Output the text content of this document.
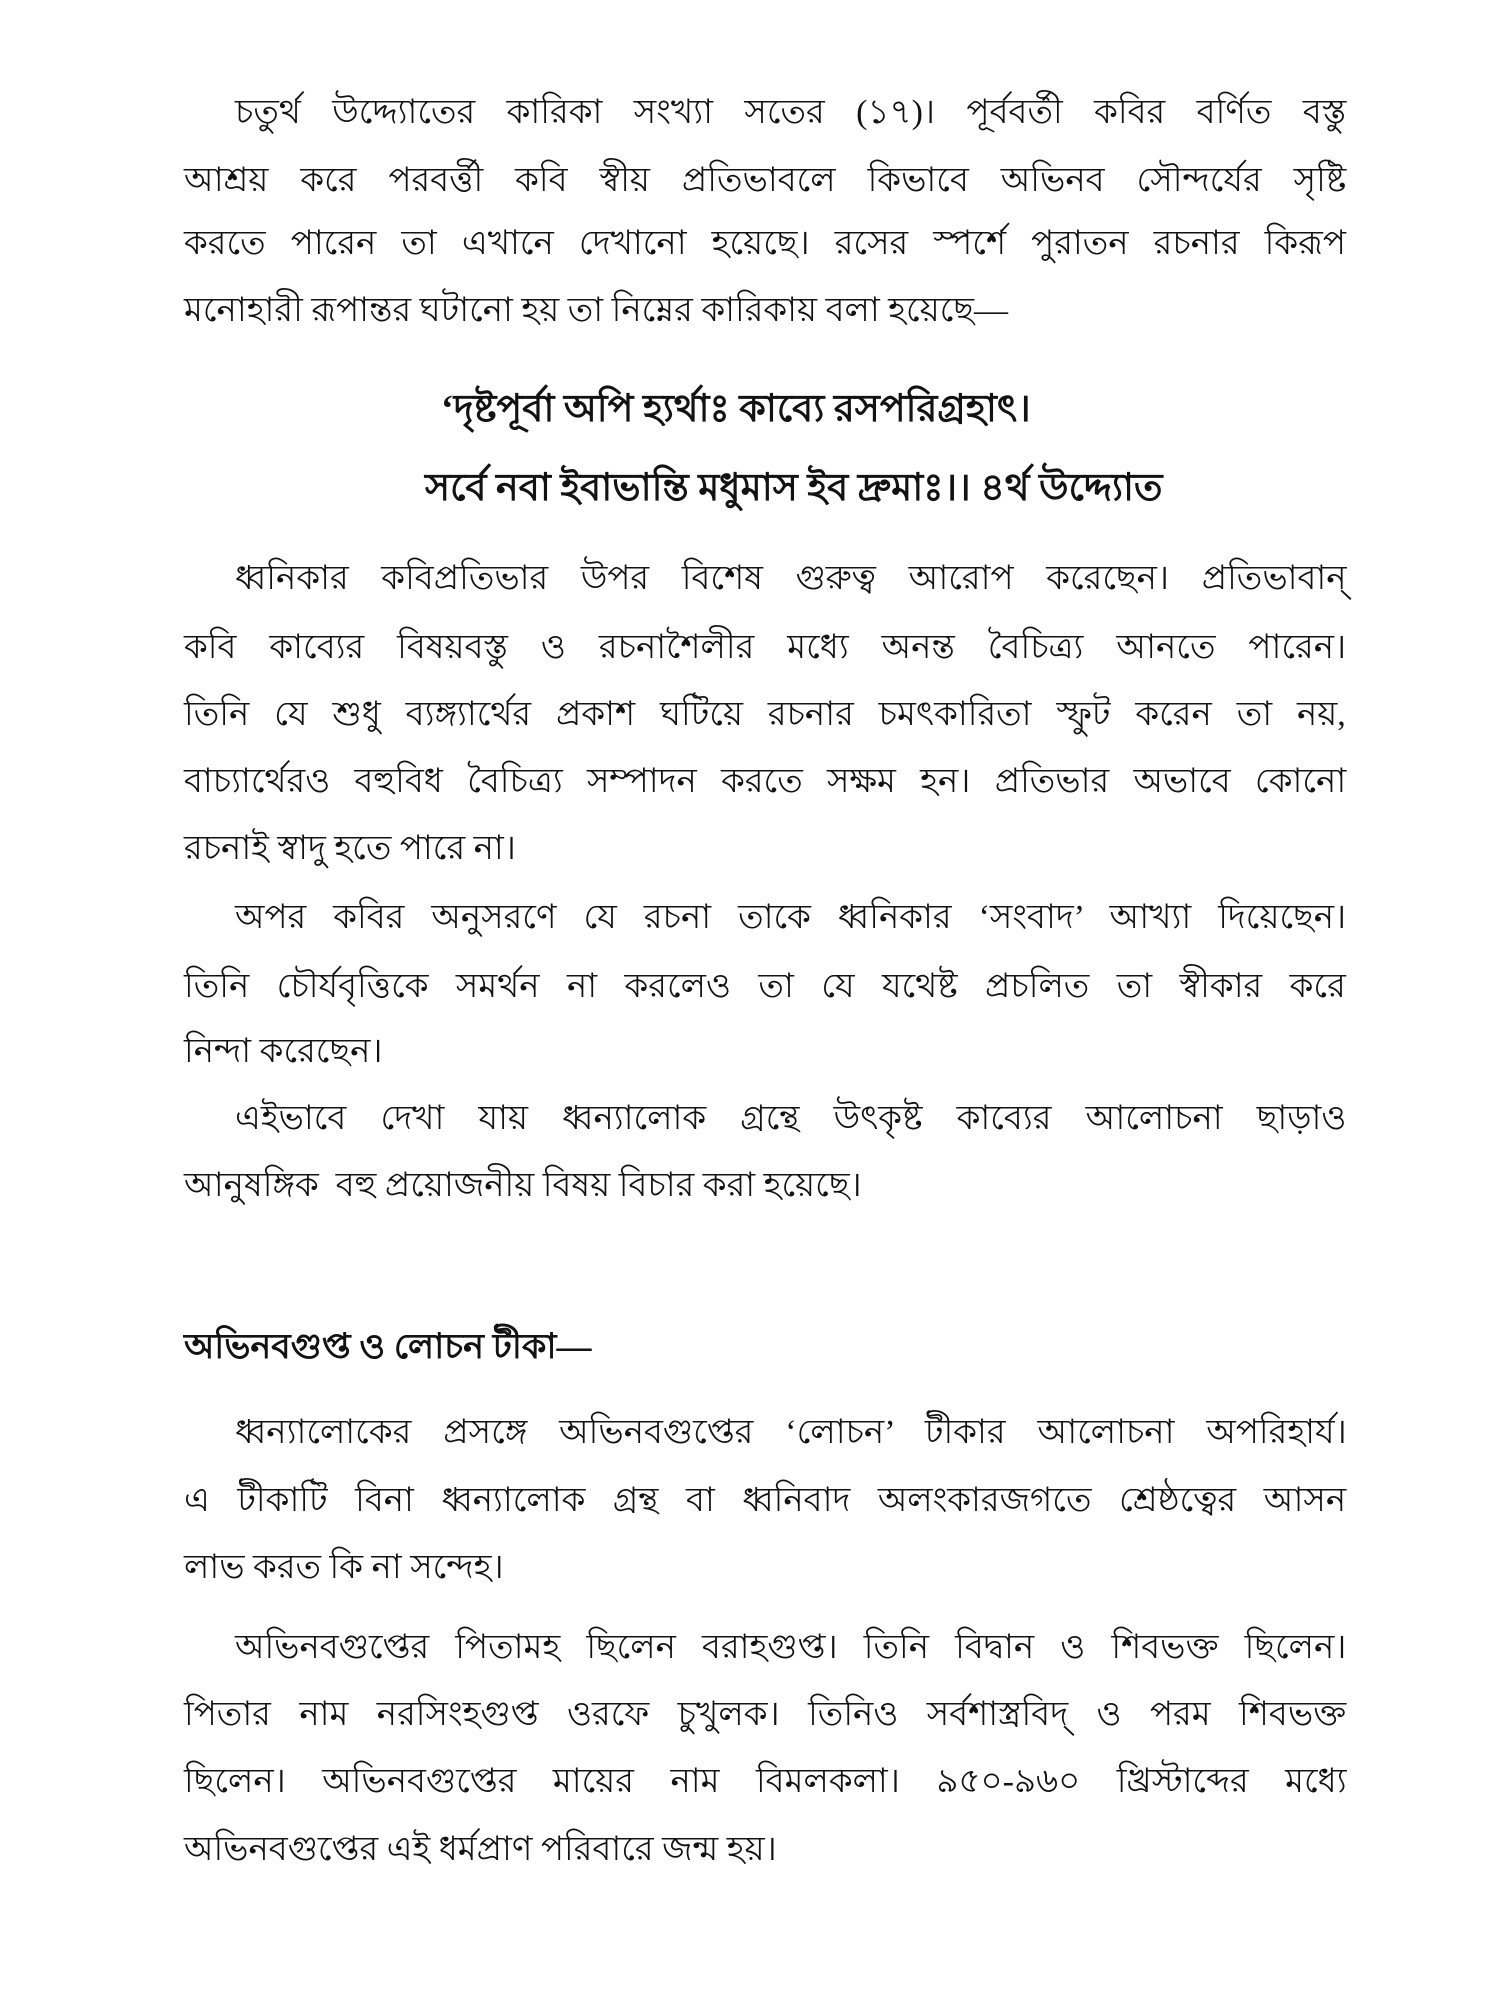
চতুর্থ উদ্দ্যোতের কারিকা সংখ্যা সতের (১৭)। পূর্ববর্তী কবির বর্ণিত বস্তু
আশ্রয় করে পরবর্ত্তী কবি স্বীয় প্রতিভাবলে কিভাবে অভিনব সৌন্দর্যের সৃষ্টি
করতে পারেন তা এখানে দেখানো হয়েছে। রসের স্পর্শে পুরাতন রচনার কিরূপ
মনোহারী রূপান্তর ঘটানো হয় তা নিম্নের কারিকায় বলা হয়েছে—
‘দৃষ্টপূর্বা অপি হ্যর্থাঃ কাব্যে রসপরিগ্রহাৎ।
সর্বে নবা ইবাভান্তি মধুমাস ইব দ্রুমাঃ।। ৪র্থ উদ্দ্যোত
ধ্বনিকার কবিপ্রতিভার উপর বিশেষ গুরুত্ব আরোপ করেছেন। প্রতিভাবান্
কবি কাব্যের বিষয়বস্তু ও রচনাশৈলীর মধ্যে অনন্ত বৈচিত্র্য আনতে পারেন।
তিনি যে শুধু ব্যঙ্গ্যার্থের প্রকাশ ঘটিয়ে রচনার চমৎকারিতা স্ফুট করেন তা নয়,
বাচ্যার্থেরও বহুবিধ বৈচিত্র্য সম্পাদন করতে সক্ষম হন। প্রতিভার অভাবে কোনো
রচনাই স্বাদু হতে পারে না।
অপর কবির অনুসরণে যে রচনা তাকে ধ্বনিকার ‘সংবাদ’ আখ্যা দিয়েছেন।
তিনি চৌর্যবৃত্তিকে সমর্থন না করলেও তা যে যথেষ্ট প্রচলিত তা স্বীকার করে
নিন্দা করেছেন।
এইভাবে দেখা যায় ধ্বন্যালোক গ্রন্থে উৎকৃষ্ট কাব্যের আলোচনা ছাড়াও
আনুষঙ্গিক  বহু প্রয়োজনীয় বিষয় বিচার করা হয়েছে।
অভিনবগুপ্ত ও লোচন টীকা—
ধ্বন্যালোকের প্রসঙ্গে অভিনবগুপ্তের ‘লোচন’ টীকার আলোচনা অপরিহার্য।
এ টীকাটি বিনা ধ্বন্যালোক গ্রন্থ বা ধ্বনিবাদ অলংকারজগতে শ্রেষ্ঠত্বের আসন
লাভ করত কি না সন্দেহ।
অভিনবগুপ্তের পিতামহ ছিলেন বরাহগুপ্ত। তিনি বিদ্বান ও শিবভক্ত ছিলেন।
পিতার নাম নরসিংহগুপ্ত ওরফে চুখুলক। তিনিও সর্বশাস্ত্রবিদ্ ও পরম শিবভক্ত
ছিলেন। অভিনবগুপ্তের মায়ের নাম বিমলকলা। ৯৫০-৯৬০ খ্রিস্টাব্দের মধ্যে
অভিনবগুপ্তের এই ধর্মপ্রাণ পরিবারে জন্ম হয়।
